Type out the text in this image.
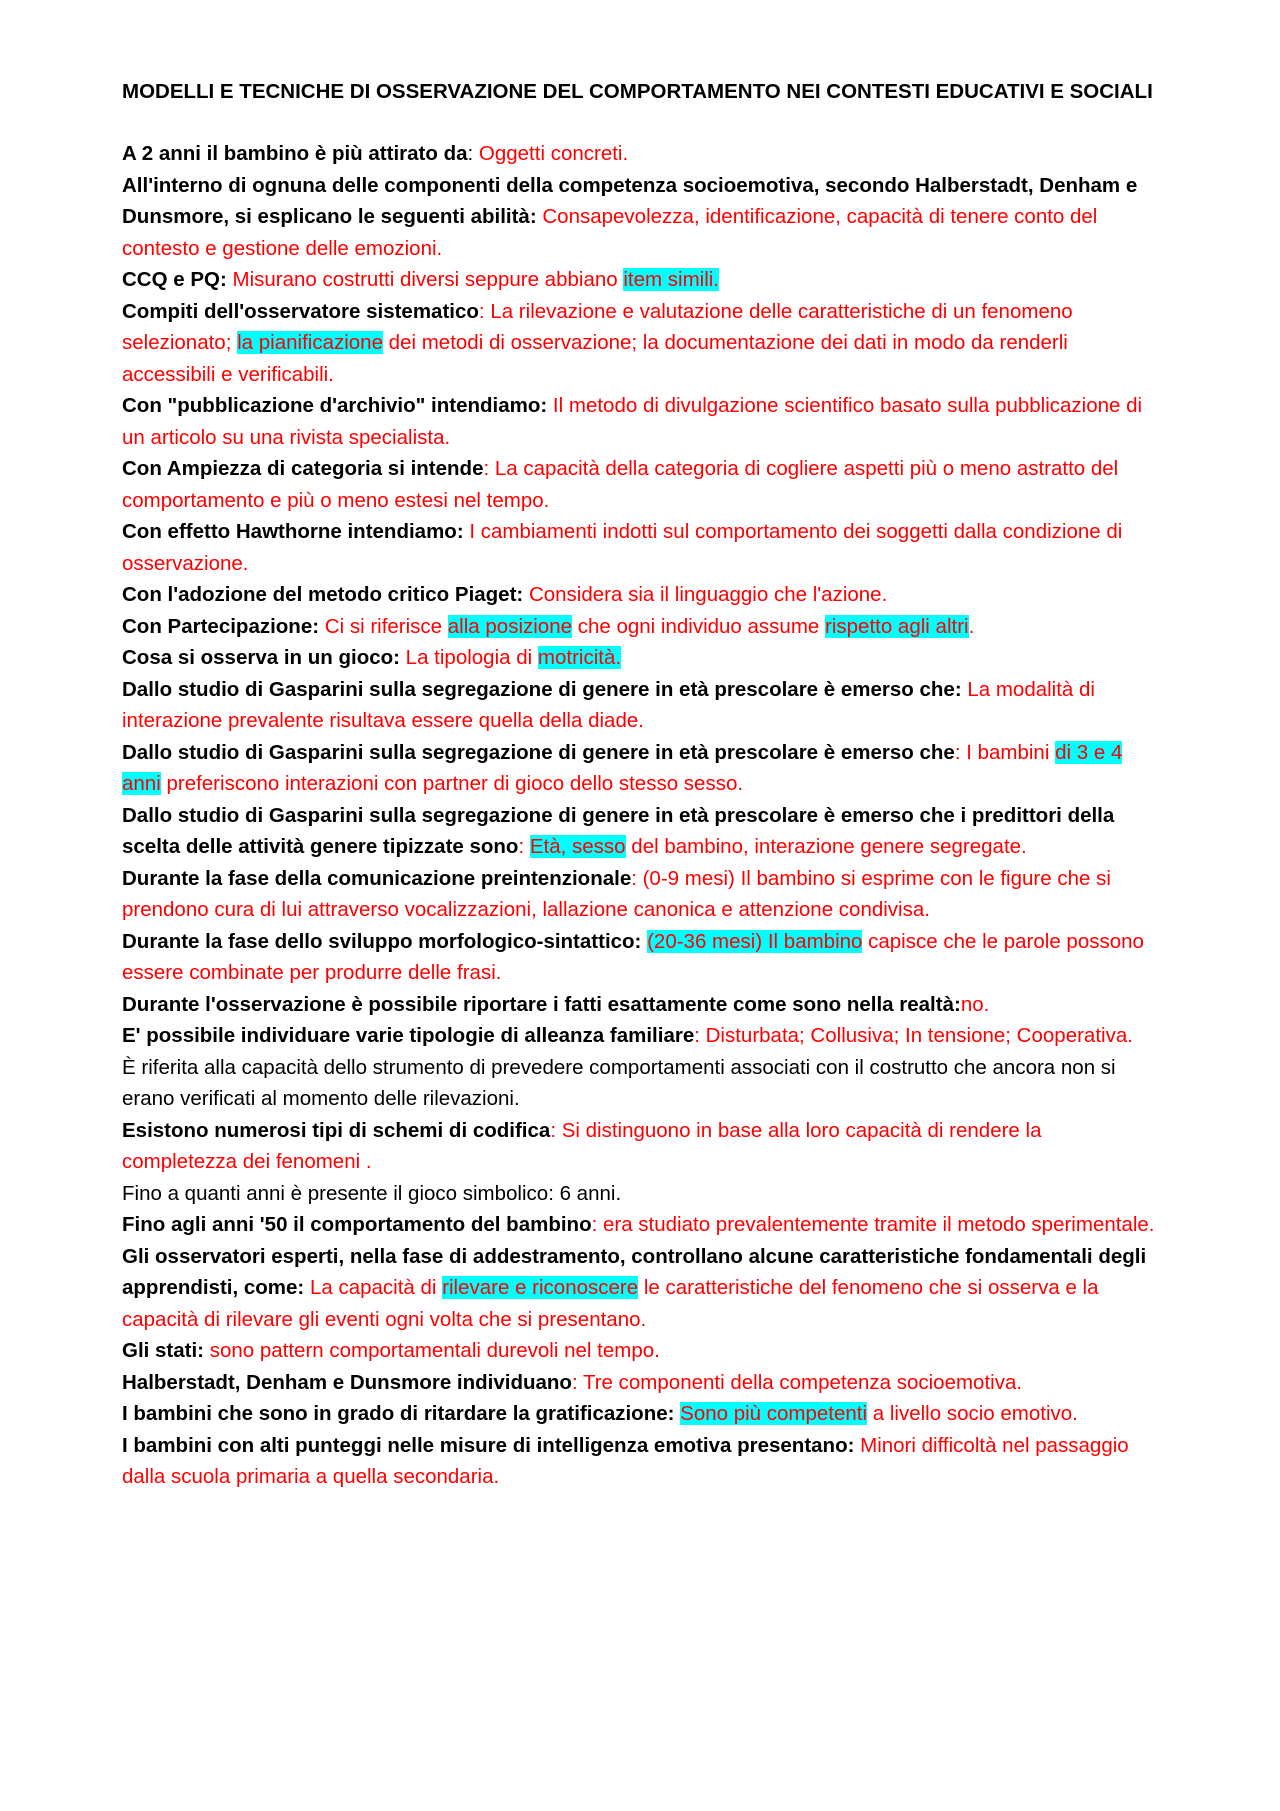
MODELLI E TECNICHE DI OSSERVAZIONE DEL COMPORTAMENTO NEI CONTESTI EDUCATIVI E SOCIALI

A 2 anni il bambino è più attirato da: Oggetti concreti.

All'interno di ognuna delle componenti della competenza socioemotiva, secondo Halberstadt, Denham e Dunsmore, si esplicano le seguenti abilità: Consapevolezza, identificazione, capacità di tenere conto del contesto e gestione delle emozioni.

CCQ e PQ: Misurano costrutti diversi seppure abbiano item simili.

Compiti dell'osservatore sistematico: La rilevazione e valutazione delle caratteristiche di un fenomeno selezionato; la pianificazione dei metodi di osservazione; la documentazione dei dati in modo da renderli accessibili e verificabili.

Con "pubblicazione d'archivio" intendiamo: Il metodo di divulgazione scientifico basato sulla pubblicazione di un articolo su una rivista specialista.

Con Ampiezza di categoria si intende: La capacità della categoria di cogliere aspetti più o meno astratto del comportamento e più o meno estesi nel tempo.

Con effetto Hawthorne intendiamo: I cambiamenti indotti sul comportamento dei soggetti dalla condizione di osservazione.

Con l'adozione del metodo critico Piaget: Considera sia il linguaggio che l'azione.

Con Partecipazione: Ci si riferisce alla posizione che ogni individuo assume rispetto agli altri.

Cosa si osserva in un gioco: La tipologia di motricità.

Dallo studio di Gasparini sulla segregazione di genere in età prescolare è emerso che: La modalità di interazione prevalente risultava essere quella della diade.

Dallo studio di Gasparini sulla segregazione di genere in età prescolare è emerso che: I bambini di 3 e 4 anni preferiscono interazioni con partner di gioco dello stesso sesso.

Dallo studio di Gasparini sulla segregazione di genere in età prescolare è emerso che i predittori della scelta delle attività genere tipizzate sono: Età, sesso del bambino, interazione genere segregate.

Durante la fase della comunicazione preintenzionale: (0-9 mesi) Il bambino si esprime con le figure che si prendono cura di lui attraverso vocalizzazioni, lallazione canonica e attenzione condivisa.

Durante la fase dello sviluppo morfologico-sintattico: (20-36 mesi) Il bambino capisce che le parole possono essere combinate per produrre delle frasi.

Durante l'osservazione è possibile riportare i fatti esattamente come sono nella realtà:no.

E' possibile individuare varie tipologie di alleanza familiare: Disturbata; Collusiva; In tensione; Cooperativa.

È riferita alla capacità dello strumento di prevedere comportamenti associati con il costrutto che ancora non si erano verificati al momento delle rilevazioni.

Esistono numerosi tipi di schemi di codifica: Si distinguono in base alla loro capacità di rendere la completezza dei fenomeni .

Fino a quanti anni è presente il gioco simbolico: 6 anni.

Fino agli anni '50 il comportamento del bambino: era studiato prevalentemente tramite il metodo sperimentale.

Gli osservatori esperti, nella fase di addestramento, controllano alcune caratteristiche fondamentali degli apprendisti, come: La capacità di rilevare e riconoscere le caratteristiche del fenomeno che si osserva e la capacità di rilevare gli eventi ogni volta che si presentano.

Gli stati: sono pattern comportamentali durevoli nel tempo.

Halberstadt, Denham e Dunsmore individuano: Tre componenti della competenza socioemotiva.

I bambini che sono in grado di ritardare la gratificazione: Sono più competenti a livello socio emotivo.

I bambini con alti punteggi nelle misure di intelligenza emotiva presentano: Minori difficoltà nel passaggio dalla scuola primaria a quella secondaria.
